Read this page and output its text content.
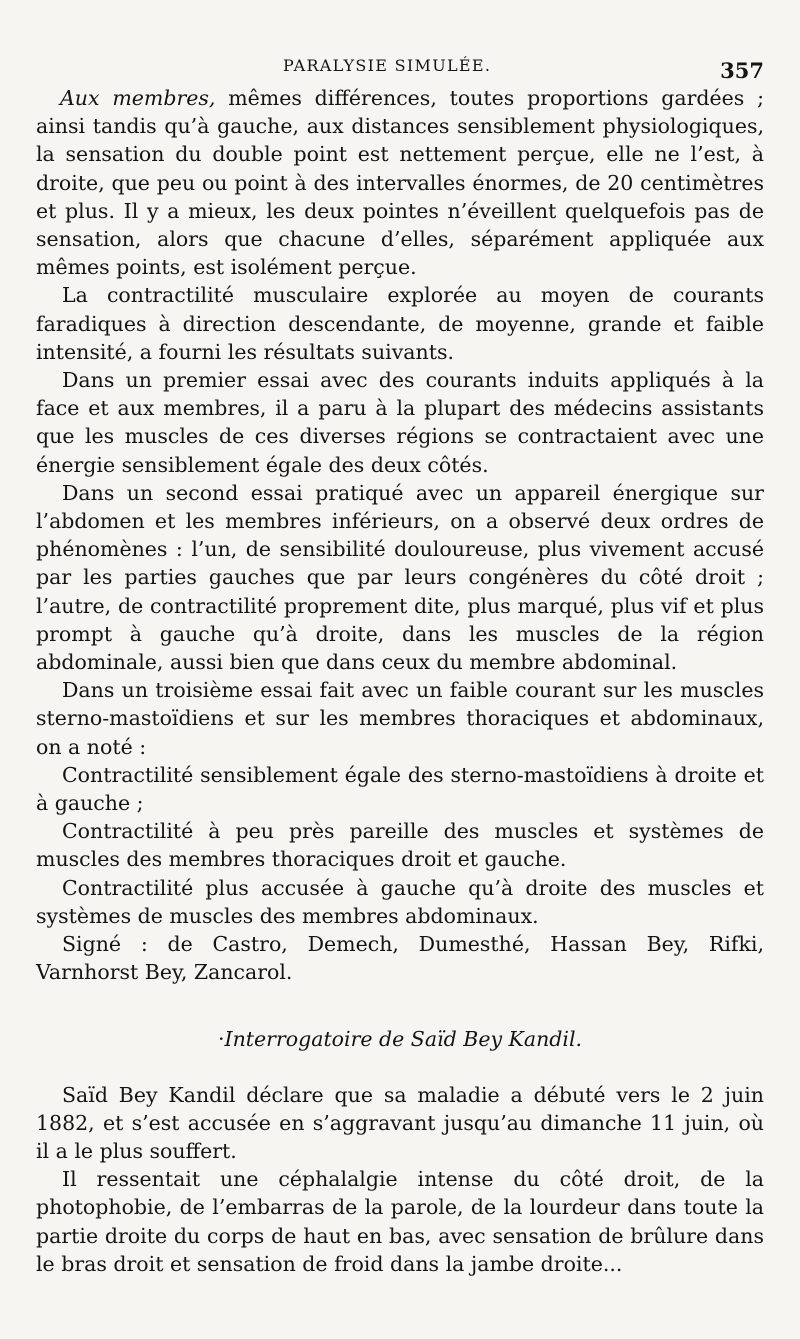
PARALYSIE SIMULÉE.	357

Aux membres, mêmes différences, toutes proportions gardées ; ainsi tandis qu’à gauche, aux distances sensiblement physiologiques, la sensation du double point est nettement perçue, elle ne l’est, à droite, que peu ou point à des intervalles énormes, de 20 centimètres et plus. Il y a mieux, les deux pointes n’éveillent quelquefois pas de sensation, alors que chacune d’elles, séparément appliquée aux mêmes points, est isolément perçue.

La contractilité musculaire explorée au moyen de courants faradiques à direction descendante, de moyenne, grande et faible intensité, a fourni les résultats suivants.

Dans un premier essai avec des courants induits appliqués à la face et aux membres, il a paru à la plupart des médecins assistants que les muscles de ces diverses régions se contractaient avec une énergie sensiblement égale des deux côtés.

Dans un second essai pratiqué avec un appareil énergique sur l’abdomen et les membres inférieurs, on a observé deux ordres de phénomènes : l’un, de sensibilité douloureuse, plus vivement accusé par les parties gauches que par leurs congénères du côté droit ; l’autre, de contractilité proprement dite, plus marqué, plus vif et plus prompt à gauche qu’à droite, dans les muscles de la région abdominale, aussi bien que dans ceux du membre abdominal.

Dans un troisième essai fait avec un faible courant sur les muscles sterno-mastoïdiens et sur les membres thoraciques et abdominaux, on a noté :

Contractilité sensiblement égale des sterno-mastoïdiens à droite et à gauche ;

Contractilité à peu près pareille des muscles et systèmes de muscles des membres thoraciques droit et gauche.

Contractilité plus accusée à gauche qu’à droite des muscles et systèmes de muscles des membres abdominaux.

Signé : de Castro, Demech, Dumesthé, Hassan Bey, Rifki, Varnhorst Bey, Zancarol.

·Interrogatoire de Saïd Bey Kandil.

Saïd Bey Kandil déclare que sa maladie a débuté vers le 2 juin 1882, et s’est accusée en s’aggravant jusqu’au dimanche 11 juin, où il a le plus souffert.

Il ressentait une céphalalgie intense du côté droit, de la photophobie, de l’embarras de la parole, de la lourdeur dans toute la partie droite du corps de haut en bas, avec sensation de brûlure dans le bras droit et sensation de froid dans la jambe droite...
